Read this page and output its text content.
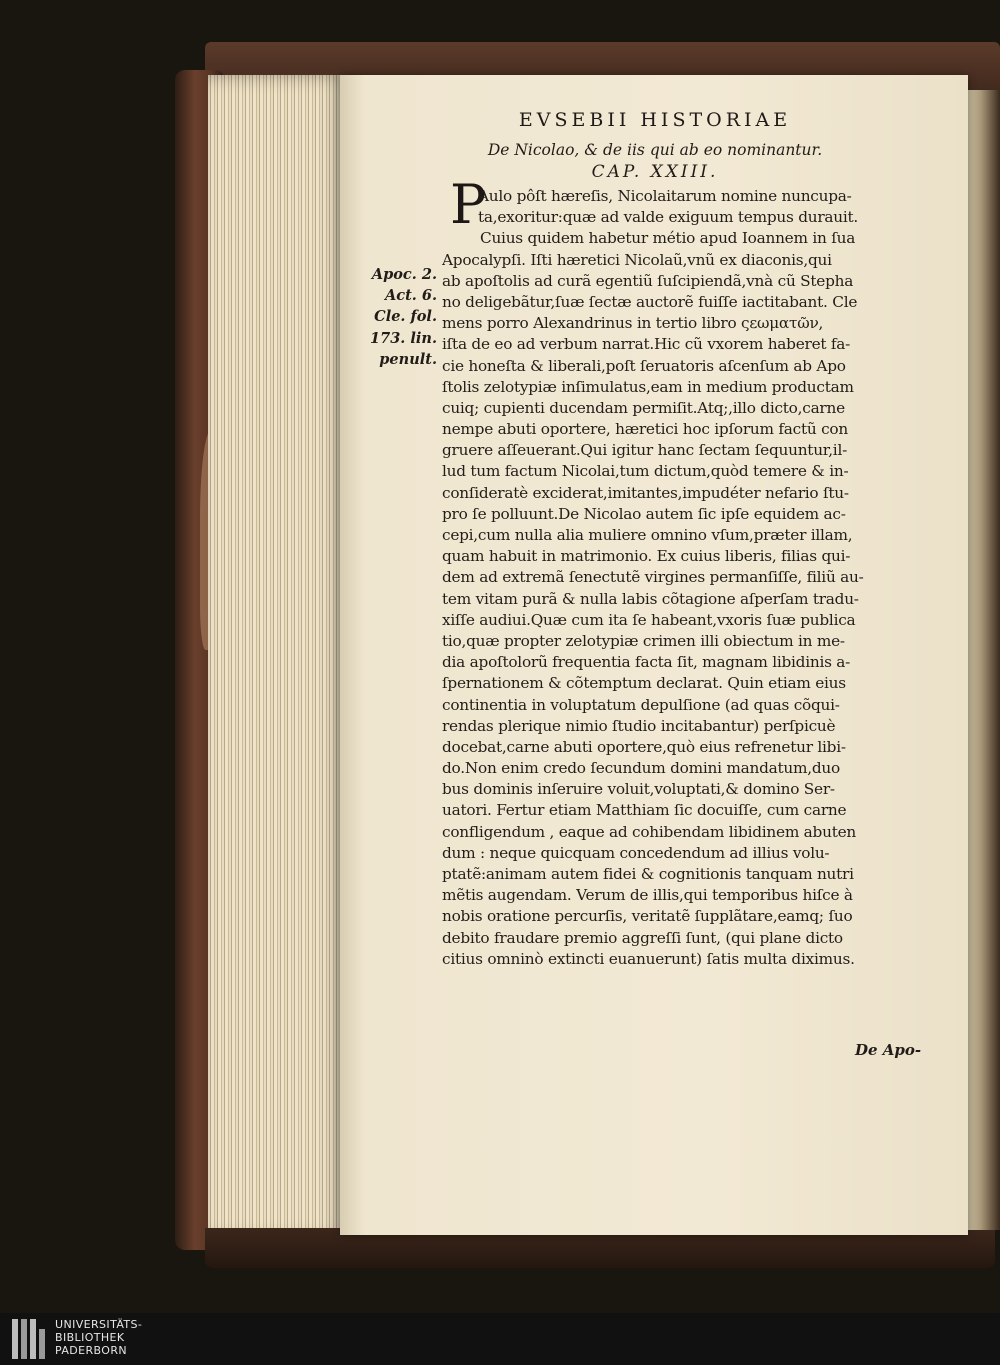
EVSEBII HISTORIAE
De Nicolao, & de iis qui ab eo nominantur.
CAP. XXIII.
P
Aulo pôſt hæreſis, Nicolaitarum nomine nuncupa-
ta,exoritur:quæ ad valde exiguum tempus durauit.
Cuius quidem habetur métio apud Ioannem in ſua
Apocalypſi. Iſti hæretici Nicolaũ,vnũ ex diaconis,qui
ab apoſtolis ad curã egentiũ ſuſcipiendã,vnà cũ Stepha
no deligebãtur,ſuæ ſectæ auctorẽ fuiſſe iactitabant. Cle
mens porro Alexandrinus in tertio libro ςεωματῶν,
iſta de eo ad verbum narrat.Hic cũ vxorem haberet fa-
cie honeſta & liberali,poſt ſeruatoris aſcenſum ab Apo
ſtolis zelotypiæ inſimulatus,eam in medium productam
cuiq; cupienti ducendam permiſit.Atq;,illo dicto,carne
nempe abuti oportere, hæretici hoc ipſorum factũ con
gruere aſſeuerant.Qui igitur hanc ſectam ſequuntur,il-
lud tum factum Nicolai,tum dictum,quòd temere & in-
conſideratè exciderat,imitantes,impudéter nefario ſtu-
pro ſe polluunt.De Nicolao autem ſic ipſe equidem ac-
cepi,cum nulla alia muliere omnino vſum,præter illam,
quam habuit in matrimonio. Ex cuius liberis, filias qui-
dem ad extremã ſenectutẽ virgines permanſiſſe, filiũ au-
tem vitam purã & nulla labis cõtagione aſperſam tradu-
xiſſe audiui.Quæ cum ita ſe habeant,vxoris ſuæ publica
tio,quæ propter zelotypiæ crimen illi obiectum in me-
dia apoſtolorũ frequentia facta ſit, magnam libidinis a-
ſpernationem & cõtemptum declarat. Quin etiam eius
continentia in voluptatum depulſione (ad quas cõqui-
rendas plerique nimio ſtudio incitabantur) perſpicuè
docebat,carne abuti oportere,quò eius refrenetur libi-
do.Non enim credo ſecundum domini mandatum,duo
bus dominis inſeruire voluit,voluptati,& domino Ser-
uatori. Fertur etiam Matthiam ſic docuiſſe, cum carne
confligendum , eaque ad cohibendam libidinem abuten
dum : neque quicquam concedendum ad illius volu-
ptatẽ:animam autem fidei & cognitionis tanquam nutri
mẽtis augendam. Verum de illis,qui temporibus hiſce à
nobis oratione percurſis, veritatẽ ſupplãtare,eamq; ſuo
debito fraudare premio aggreſſi ſunt, (qui plane dicto
citius omninò extincti euanuerunt) ſatis multa diximus.
Apoc. 2.
Act. 6.
Cle. fol.
173. lin.
penult.
De Apo-
UNIVERSITÄTS-
BIBLIOTHEK
PADERBORN
